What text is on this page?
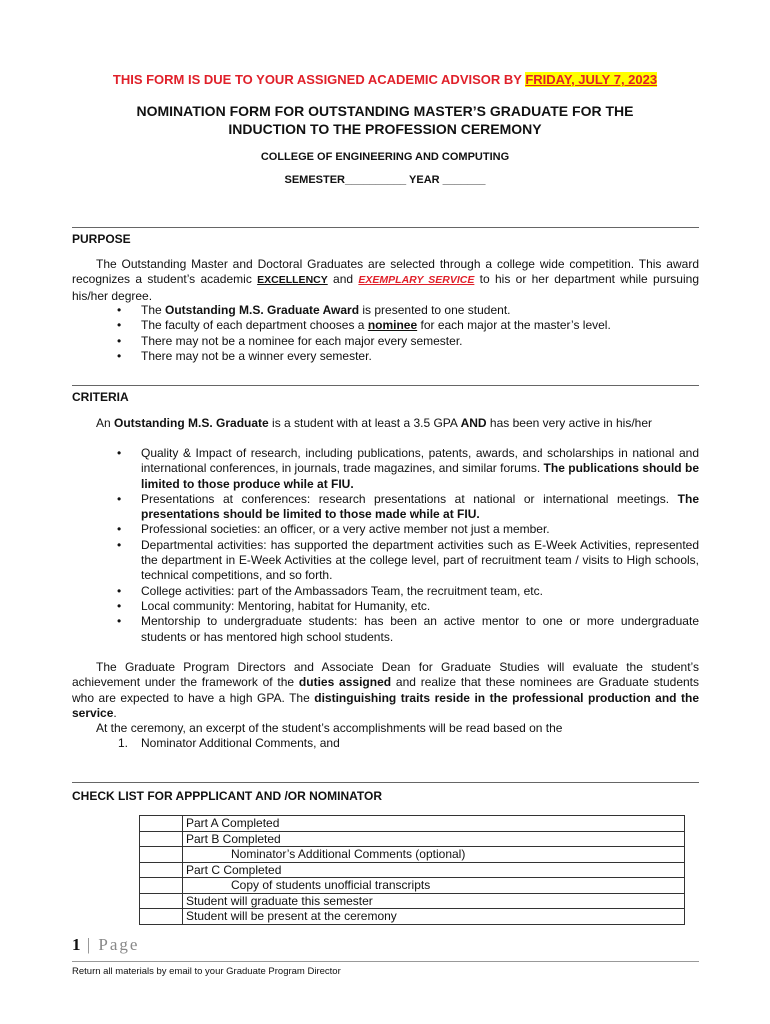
THIS FORM IS DUE TO YOUR ASSIGNED ACADEMIC ADVISOR BY FRIDAY, JULY 7, 2023
NOMINATION FORM FOR OUTSTANDING MASTER’S GRADUATE FOR THE
INDUCTION TO THE PROFESSION CEREMONY
COLLEGE OF ENGINEERING AND COMPUTING
SEMESTER__________ YEAR _______
PURPOSE
The Outstanding Master and Doctoral Graduates are selected through a college wide competition. This award recognizes a student’s academic EXCELLENCY and EXEMPLARY SERVICE to his or her department while pursuing his/her degree.
• The Outstanding M.S. Graduate Award is presented to one student.
• The faculty of each department chooses a nominee for each major at the master’s level.
• There may not be a nominee for each major every semester.
• There may not be a winner every semester.
CRITERIA
An Outstanding M.S. Graduate is a student with at least a 3.5 GPA AND has been very active in his/her
• Quality & Impact of research, including publications, patents, awards, and scholarships in national and international conferences, in journals, trade magazines, and similar forums. The publications should be limited to those produce while at FIU.
• Presentations at conferences: research presentations at national or international meetings. The presentations should be limited to those made while at FIU.
• Professional societies: an officer, or a very active member not just a member.
• Departmental activities: has supported the department activities such as E-Week Activities, represented the department in E-Week Activities at the college level, part of recruitment team / visits to High schools, technical competitions, and so forth.
• College activities: part of the Ambassadors Team, the recruitment team, etc.
• Local community: Mentoring, habitat for Humanity, etc.
• Mentorship to undergraduate students: has been an active mentor to one or more undergraduate students or has mentored high school students.
The Graduate Program Directors and Associate Dean for Graduate Studies will evaluate the student’s achievement under the framework of the duties assigned and realize that these nominees are Graduate students who are expected to have a high GPA. The distinguishing traits reside in the professional production and the service.
At the ceremony, an excerpt of the student’s accomplishments will be read based on the
1. Nominator Additional Comments, and
CHECK LIST FOR APPPLICANT AND /OR NOMINATOR
	Part A Completed
	Part B Completed
	Nominator’s Additional Comments (optional)
	Part C Completed
	Copy of students unofficial transcripts
	Student will graduate this semester
	Student will be present at the ceremony
1 | Page
Return all materials by email to your Graduate Program Director
